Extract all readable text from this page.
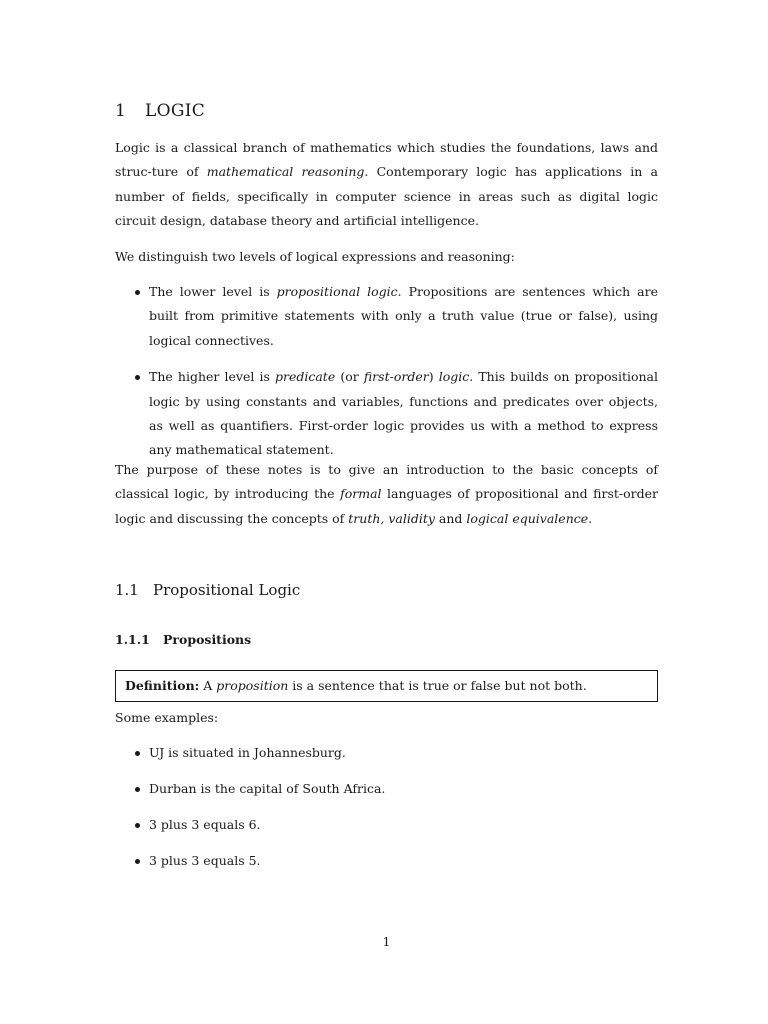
1 LOGIC
Logic is a classical branch of mathematics which studies the foundations, laws and struc-ture of mathematical reasoning. Contemporary logic has applications in a number of fields, specifically in computer science in areas such as digital logic circuit design, database theory and artificial intelligence.
We distinguish two levels of logical expressions and reasoning:
The lower level is propositional logic. Propositions are sentences which are built from primitive statements with only a truth value (true or false), using logical connectives.
The higher level is predicate (or first-order) logic. This builds on propositional logic by using constants and variables, functions and predicates over objects, as well as quantifiers. First-order logic provides us with a method to express any mathematical statement.
The purpose of these notes is to give an introduction to the basic concepts of classical logic, by introducing the formal languages of propositional and first-order logic and discussing the concepts of truth, validity and logical equivalence.
1.1 Propositional Logic
1.1.1 Propositions
Definition: A proposition is a sentence that is true or false but not both.
Some examples:
UJ is situated in Johannesburg.
Durban is the capital of South Africa.
3 plus 3 equals 6.
3 plus 3 equals 5.
1
